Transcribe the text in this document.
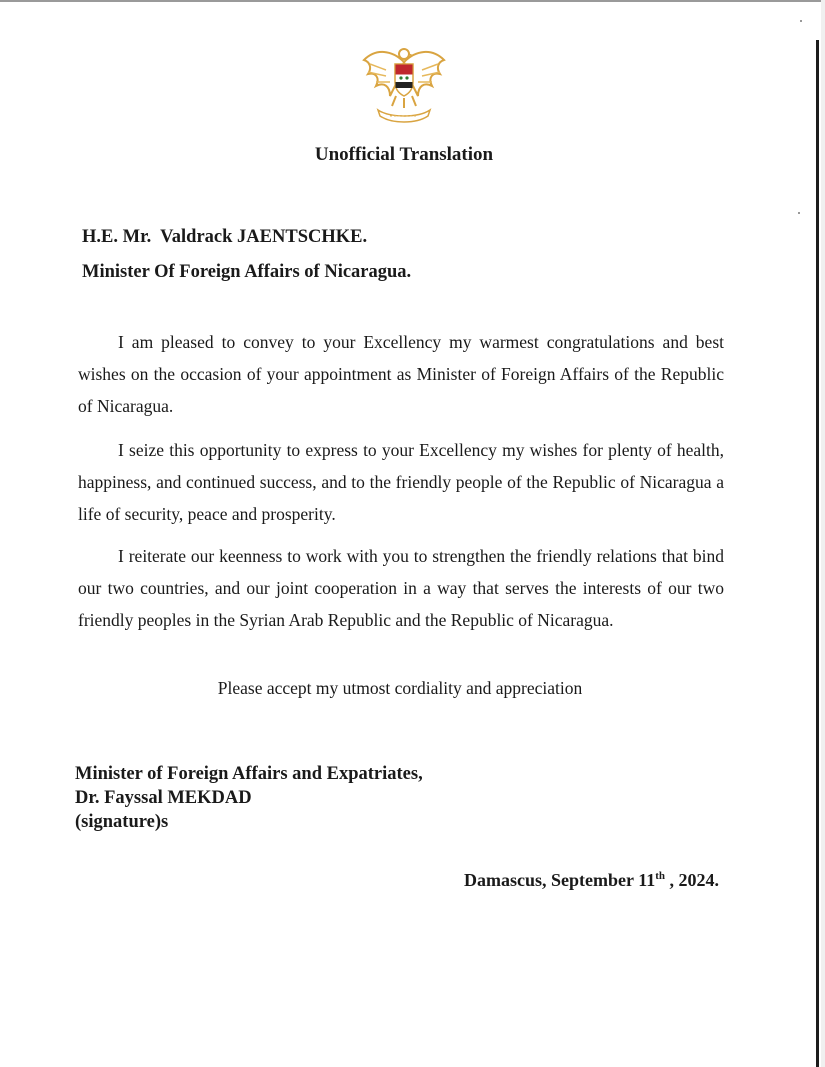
Unofficial Translation
H.E. Mr.  Valdrack JAENTSCHKE.
Minister Of Foreign Affairs of Nicaragua.
I am pleased to convey to your Excellency my warmest congratulations and best wishes on the occasion of your appointment as Minister of Foreign Affairs of the Republic of Nicaragua.
I seize this opportunity to express to your Excellency my wishes for plenty of health, happiness, and continued success, and to the friendly people of the Republic of Nicaragua a life of security, peace and prosperity.
I reiterate our keenness to work with you to strengthen the friendly relations that bind our two countries, and our joint cooperation in a way that serves the interests of our two friendly peoples in the Syrian Arab Republic and the Republic of Nicaragua.
Please accept my utmost cordiality and appreciation
Minister of Foreign Affairs and Expatriates,
Dr. Fayssal MEKDAD
(signature)s
Damascus, September 11th , 2024.
